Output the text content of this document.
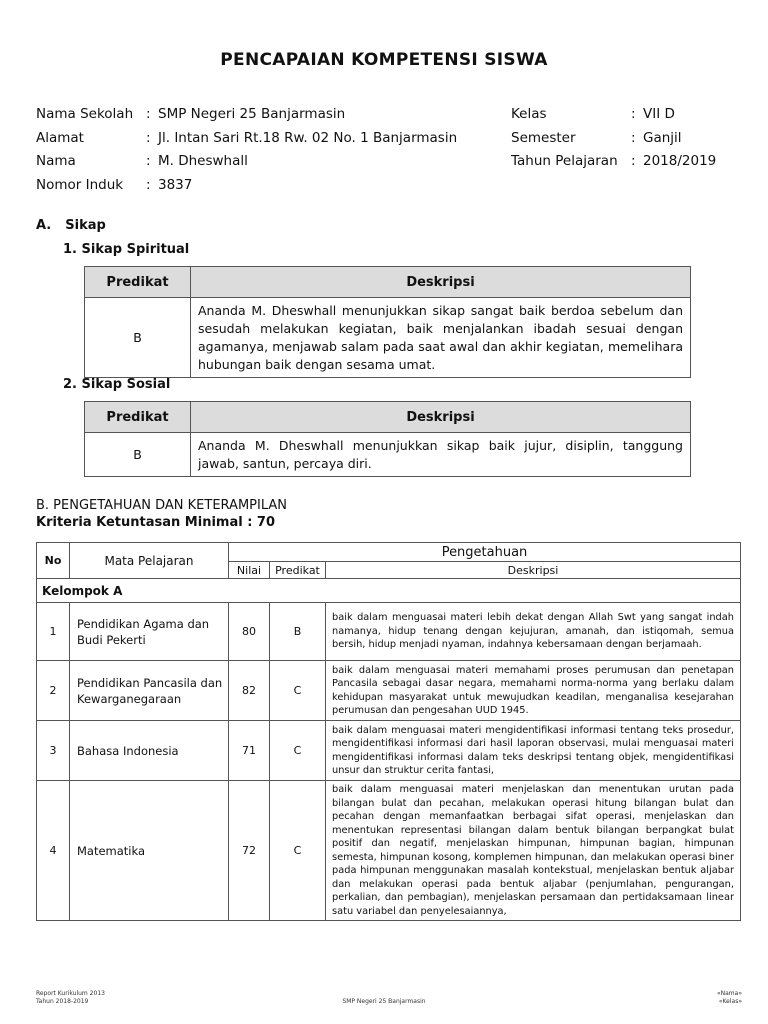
PENCAPAIAN KOMPETENSI SISWA
Nama Sekolah : SMP Negeri 25 Banjarmasin
Alamat	: Jl. Intan Sari Rt.18 Rw. 02 No. 1 Banjarmasin
Nama	: M. Dheswhall
Nomor Induk	: 3837
Kelas	: VII D
Semester	: Ganjil
Tahun Pelajaran : 2018/2019
A. Sikap
1. Sikap Spiritual
Predikat	Deskripsi
B	Ananda M. Dheswhall menunjukkan sikap sangat baik berdoa sebelum dan sesudah melakukan kegiatan, baik menjalankan ibadah sesuai dengan agamanya, menjawab salam pada saat awal dan akhir kegiatan, memelihara hubungan baik dengan sesama umat.
2. Sikap Sosial
Predikat	Deskripsi
B	Ananda M. Dheswhall menunjukkan sikap baik jujur, disiplin, tanggung jawab, santun, percaya diri.
B. PENGETAHUAN DAN KETERAMPILAN
Kriteria Ketuntasan Minimal : 70
No	Mata Pelajaran	Pengetahuan		
		Nilai	Predikat	Deskripsi
Kelompok A				
1	Pendidikan Agama dan Budi Pekerti	80	B	baik dalam menguasai materi lebih dekat dengan Allah Swt yang sangat indah namanya, hidup tenang dengan kejujuran, amanah, dan istiqomah, semua bersih, hidup menjadi nyaman, indahnya kebersamaan dengan berjamaah.
2	Pendidikan Pancasila dan Kewarganegaraan	82	C	baik dalam menguasai materi memahami proses perumusan dan penetapan Pancasila sebagai dasar negara, memahami norma-norma yang berlaku dalam kehidupan masyarakat untuk mewujudkan keadilan, menganalisa kesejarahan perumusan dan pengesahan UUD 1945.
3	Bahasa Indonesia	71	C	baik dalam menguasai materi mengidentifikasi informasi tentang teks prosedur, mengidentifikasi informasi dari hasil laporan observasi, mulai menguasai materi mengidentifikasi informasi dalam teks deskripsi tentang objek, mengidentifikasi unsur dan struktur cerita fantasi,
4	Matematika	72	C	baik dalam menguasai materi menjelaskan dan menentukan urutan pada bilangan bulat dan pecahan, melakukan operasi hitung bilangan bulat dan pecahan dengan memanfaatkan berbagai sifat operasi, menjelaskan dan menentukan representasi bilangan dalam bentuk bilangan berpangkat bulat positif dan negatif, menjelaskan himpunan, himpunan bagian, himpunan semesta, himpunan kosong, komplemen himpunan, dan melakukan operasi biner pada himpunan menggunakan masalah kontekstual, menjelaskan bentuk aljabar dan melakukan operasi pada bentuk aljabar (penjumlahan, pengurangan, perkalian, dan pembagian), menjelaskan persamaan dan pertidaksamaan linear satu variabel dan penyelesaiannya,
Report Kurikulum 2013
Tahun 2018-2019	SMP Negeri 25 Banjarmasin
«Nama»
«Kelas»
